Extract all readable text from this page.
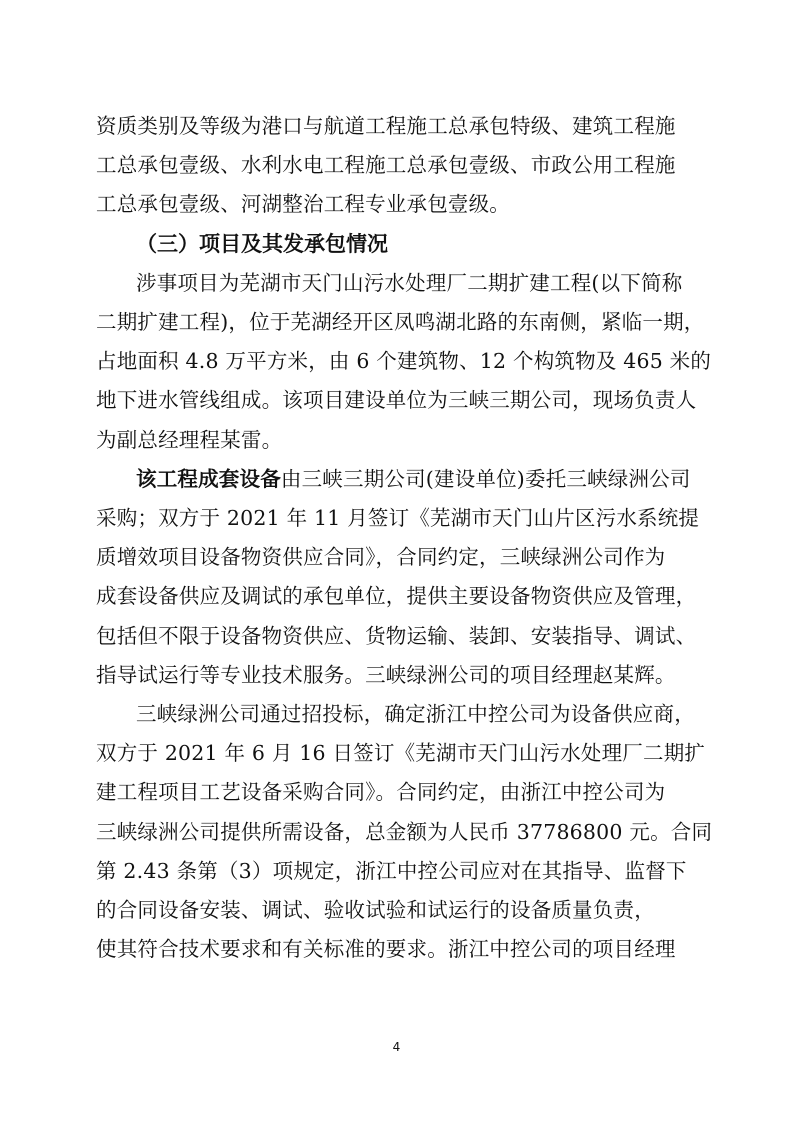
资质类别及等级为港口与航道工程施工总承包特级、建筑工程施
工总承包壹级、水利水电工程施工总承包壹级、市政公用工程施
工总承包壹级、河湖整治工程专业承包壹级。
（三）项目及其发承包情况
涉事项目为芜湖市天门山污水处理厂二期扩建工程(以下简称
二期扩建工程)，位于芜湖经开区凤鸣湖北路的东南侧，紧临一期，
占地面积 4.8 万平方米，由 6 个建筑物、12 个构筑物及 465 米的
地下进水管线组成。该项目建设单位为三峡三期公司，现场负责人
为副总经理程某雷。
该工程成套设备由三峡三期公司(建设单位)委托三峡绿洲公司
采购；双方于 2021 年 11 月签订《芜湖市天门山片区污水系统提
质增效项目设备物资供应合同》，合同约定，三峡绿洲公司作为
成套设备供应及调试的承包单位，提供主要设备物资供应及管理，
包括但不限于设备物资供应、货物运输、装卸、安装指导、调试、
指导试运行等专业技术服务。三峡绿洲公司的项目经理赵某辉。
三峡绿洲公司通过招投标，确定浙江中控公司为设备供应商，
双方于 2021 年 6 月 16 日签订《芜湖市天门山污水处理厂二期扩
建工程项目工艺设备采购合同》。合同约定，由浙江中控公司为
三峡绿洲公司提供所需设备，总金额为人民币 37786800 元。合同
第 2.43 条第（3）项规定，浙江中控公司应对在其指导、监督下
的合同设备安装、调试、验收试验和试运行的设备质量负责，
使其符合技术要求和有关标准的要求。浙江中控公司的项目经理
4
